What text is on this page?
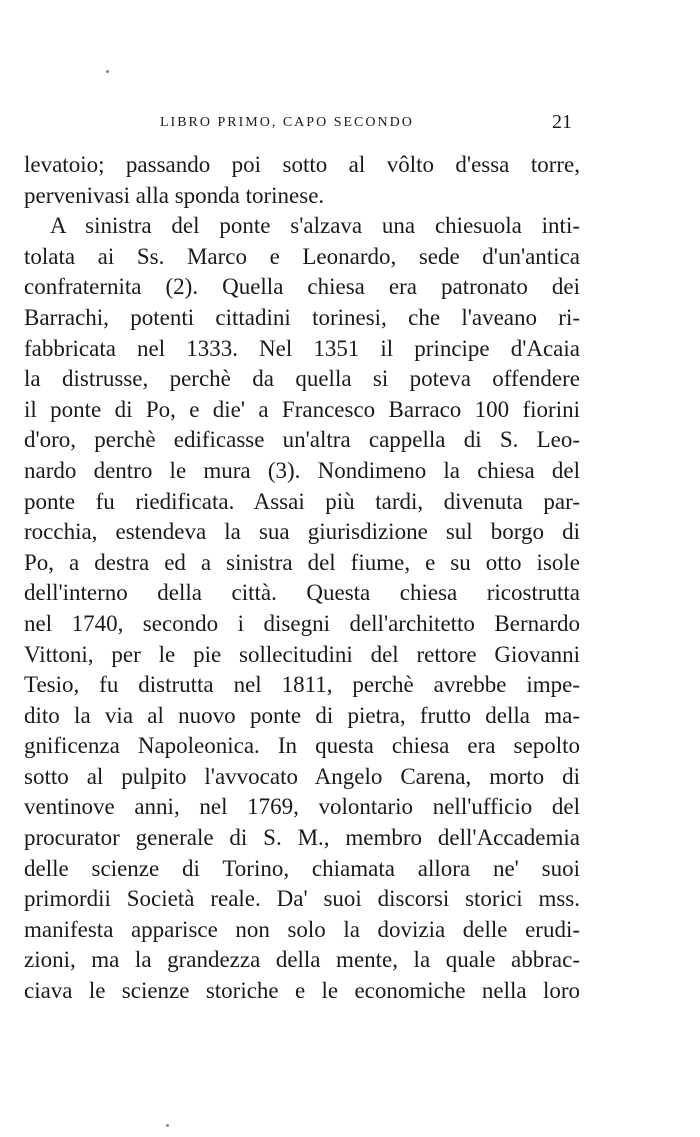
LIBRO PRIMO, CAPO SECONDO	21
levatoio; passando poi sotto al vôlto d'essa torre,
pervenivasi alla sponda torinese.
A sinistra del ponte s'alzava una chiesuola inti-
tolata ai Ss. Marco e Leonardo, sede d'un'antica
confraternita (2). Quella chiesa era patronato dei
Barrachi, potenti cittadini torinesi, che l'aveano ri-
fabbricata nel 1333. Nel 1351 il principe d'Acaia
la distrusse, perchè da quella si poteva offendere
il ponte di Po, e die' a Francesco Barraco 100 fiorini
d'oro, perchè edificasse un'altra cappella di S. Leo-
nardo dentro le mura (3). Nondimeno la chiesa del
ponte fu riedificata. Assai più tardi, divenuta par-
rocchia, estendeva la sua giurisdizione sul borgo di
Po, a destra ed a sinistra del fiume, e su otto isole
dell'interno della città. Questa chiesa ricostrutta
nel 1740, secondo i disegni dell'architetto Bernardo
Vittoni, per le pie sollecitudini del rettore Giovanni
Tesio, fu distrutta nel 1811, perchè avrebbe impe-
dito la via al nuovo ponte di pietra, frutto della ma-
gnificenza Napoleonica. In questa chiesa era sepolto
sotto al pulpito l'avvocato Angelo Carena, morto di
ventinove anni, nel 1769, volontario nell'ufficio del
procurator generale di S. M., membro dell'Accademia
delle scienze di Torino, chiamata allora ne' suoi
primordii Società reale. Da' suoi discorsi storici mss.
manifesta apparisce non solo la dovizia delle erudi-
zioni, ma la grandezza della mente, la quale abbrac-
ciava le scienze storiche e le economiche nella loro
